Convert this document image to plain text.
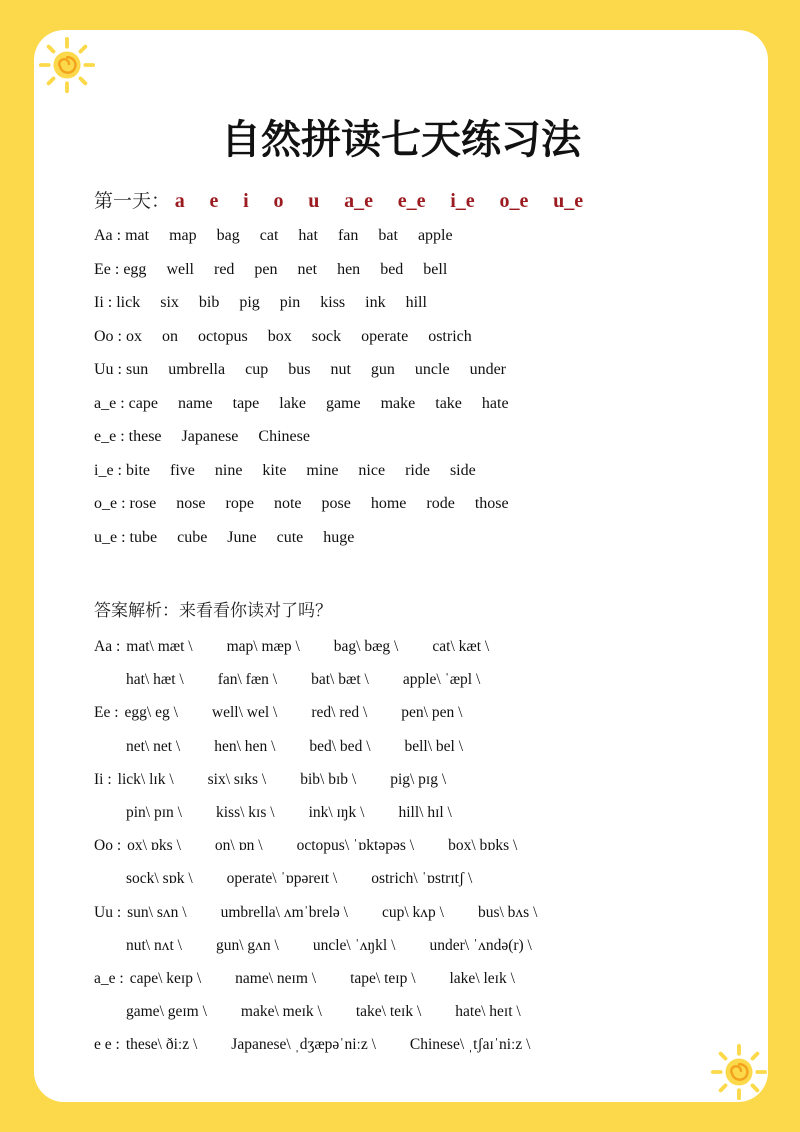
自然拼读七天练习法
第一天： a e i o u a_e e_e i_e o_e u_e
Aa : mat map bag cat hat fan bat apple
Ee : egg well red pen net hen bed bell
Ii : lick six bib pig pin kiss ink hill
Oo : ox on octopus box sock operate ostrich
Uu : sun umbrella cup bus nut gun uncle under
a_e : cape name tape lake game make take hate
e_e : these Japanese Chinese
i_e : bite five nine kite mine nice ride side
o_e : rose nose rope note pose home rode those
u_e : tube cube June cute huge
答案解析：来看看你读对了吗？
Aa : mat\ mæt \ map\ mæp \ bag\ bæg \ cat\ kæt \
hat\ hæt \ fan\ fæn \ bat\ bæt \ apple\ ˈæpl \
Ee : egg\ eg \ well\ wel \ red\ red \ pen\ pen \
net\ net \ hen\ hen \ bed\ bed \ bell\ bel \
Ii : lick\ lɪk \ six\ sɪks \ bib\ bɪb \ pig\ pɪg \
pin\ pɪn \ kiss\ kɪs \ ink\ ɪŋk \ hill\ hɪl \
Oo : ox\ ɒks \ on\ ɒn \ octopus\ ˈɒktəpəs \ box\ bɒks \
sock\ sɒk \ operate\ ˈɒpəreɪt \ ostrich\ ˈɒstrɪtʃ \
Uu : sun\ sʌn \ umbrella\ ʌmˈbrelə \ cup\ kʌp \ bus\ bʌs \
nut\ nʌt \ gun\ gʌn \ uncle\ ˈʌŋkl \ under\ ˈʌndə(r) \
a_e : cape\ keɪp \ name\ neɪm \ tape\ teɪp \ lake\ leɪk \
game\ geɪm \ make\ meɪk \ take\ teɪk \ hate\ heɪt \
e e : these\ ðiːz \ Japanese\ ˌdʒæpəˈniːz \ Chinese\ ˌtʃaɪˈniːz \
